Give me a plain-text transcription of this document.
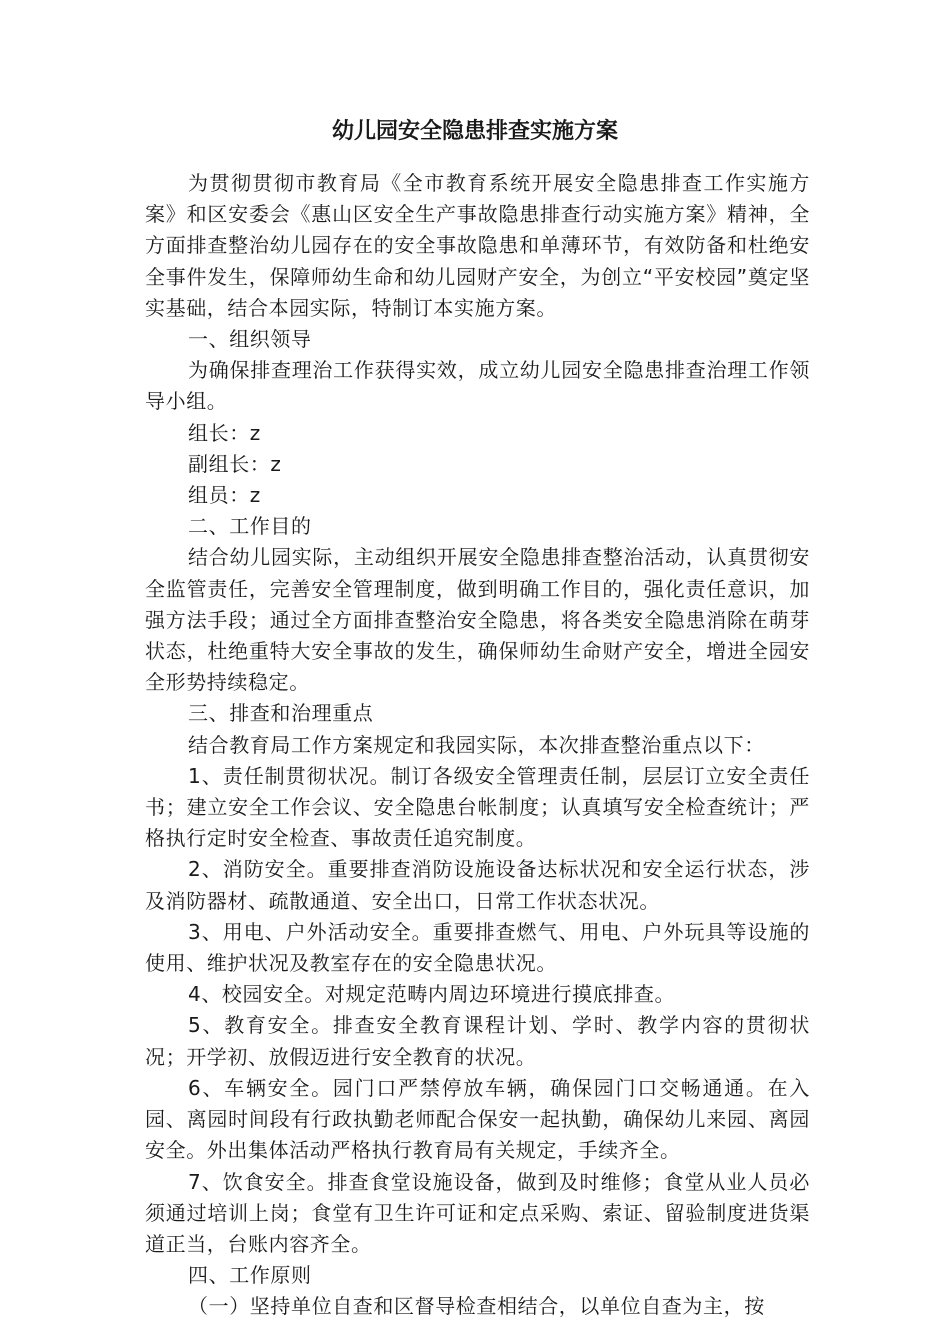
幼儿园安全隐患排查实施方案

为贯彻贯彻市教育局《全市教育系统开展安全隐患排查工作实施方案》和区安委会《惠山区安全生产事故隐患排查行动实施方案》精神，全方面排查整治幼儿园存在的安全事故隐患和单薄环节，有效防备和杜绝安全事件发生，保障师幼生命和幼儿园财产安全，为创立“平安校园”奠定坚实基础，结合本园实际，特制订本实施方案。

一、组织领导

为确保排查理治工作获得实效，成立幼儿园安全隐患排查治理工作领导小组。

组长：z

副组长：z

组员：z

二、工作目的

结合幼儿园实际，主动组织开展安全隐患排查整治活动，认真贯彻安全监管责任，完善安全管理制度，做到明确工作目的，强化责任意识，加强方法手段；通过全方面排查整治安全隐患，将各类安全隐患消除在萌芽状态，杜绝重特大安全事故的发生，确保师幼生命财产安全，增进全园安全形势持续稳定。

三、排查和治理重点

结合教育局工作方案规定和我园实际，本次排查整治重点以下：

1、责任制贯彻状况。制订各级安全管理责任制，层层订立安全责任书；建立安全工作会议、安全隐患台帐制度；认真填写安全检查统计；严格执行定时安全检查、事故责任追究制度。

2、消防安全。重要排查消防设施设备达标状况和安全运行状态，涉及消防器材、疏散通道、安全出口，日常工作状态状况。

3、用电、户外活动安全。重要排查燃气、用电、户外玩具等设施的使用、维护状况及教室存在的安全隐患状况。

4、校园安全。对规定范畴内周边环境进行摸底排查。

5、教育安全。排查安全教育课程计划、学时、教学内容的贯彻状况；开学初、放假迈进行安全教育的状况。

6、车辆安全。园门口严禁停放车辆，确保园门口交畅通通。在入园、离园时间段有行政执勤老师配合保安一起执勤，确保幼儿来园、离园安全。外出集体活动严格执行教育局有关规定，手续齐全。

7、饮食安全。排查食堂设施设备，做到及时维修；食堂从业人员必须通过培训上岗；食堂有卫生许可证和定点采购、索证、留验制度进货渠道正当，台账内容齐全。

四、工作原则

（一）坚持单位自查和区督导检查相结合，以单位自查为主，按
